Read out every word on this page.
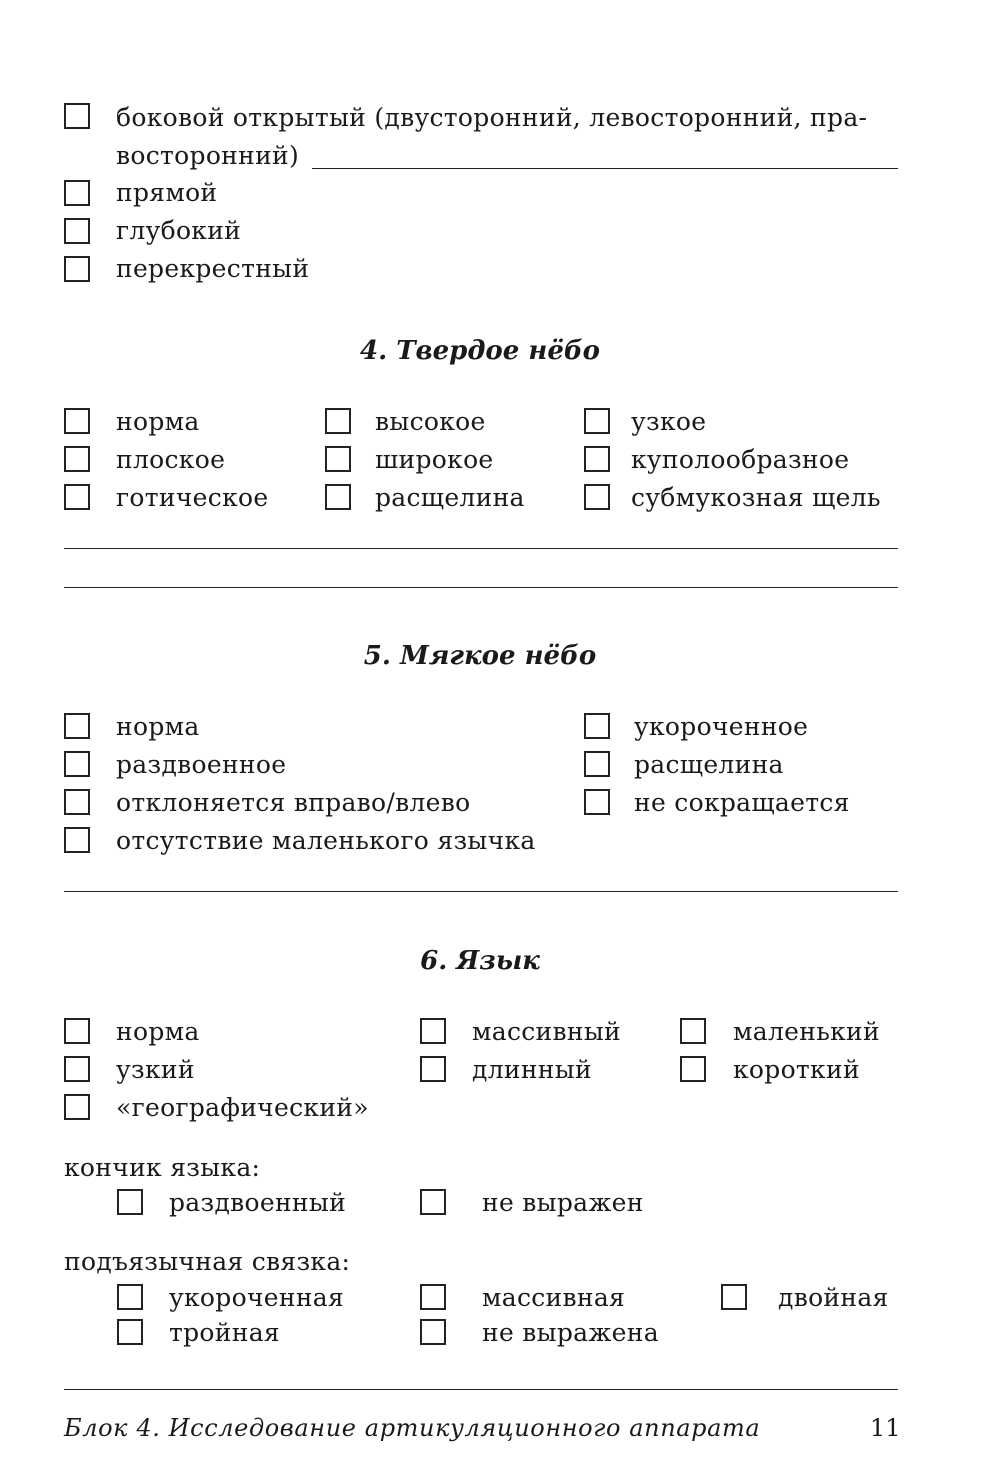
боковой открытый (двусторонний, левосторонний, пра-
восторонний)
прямой
глубокий
перекрестный
4. Твердое нёбо
норма	высокое	узкое
плоское	широкое	куполообразное
готическое	расщелина	субмукозная щель
5. Мягкое нёбо
норма	укороченное
раздвоенное	расщелина
отклоняется вправо/влево	не сокращается
отсутствие маленького язычка
6. Язык
норма	массивный	маленький
узкий	длинный	короткий
«географический»
кончик языка:
раздвоенный	не выражен
подъязычная связка:
укороченная	массивная	двойная
тройная	не выражена
Блок 4. Исследование артикуляционного аппарата	11
